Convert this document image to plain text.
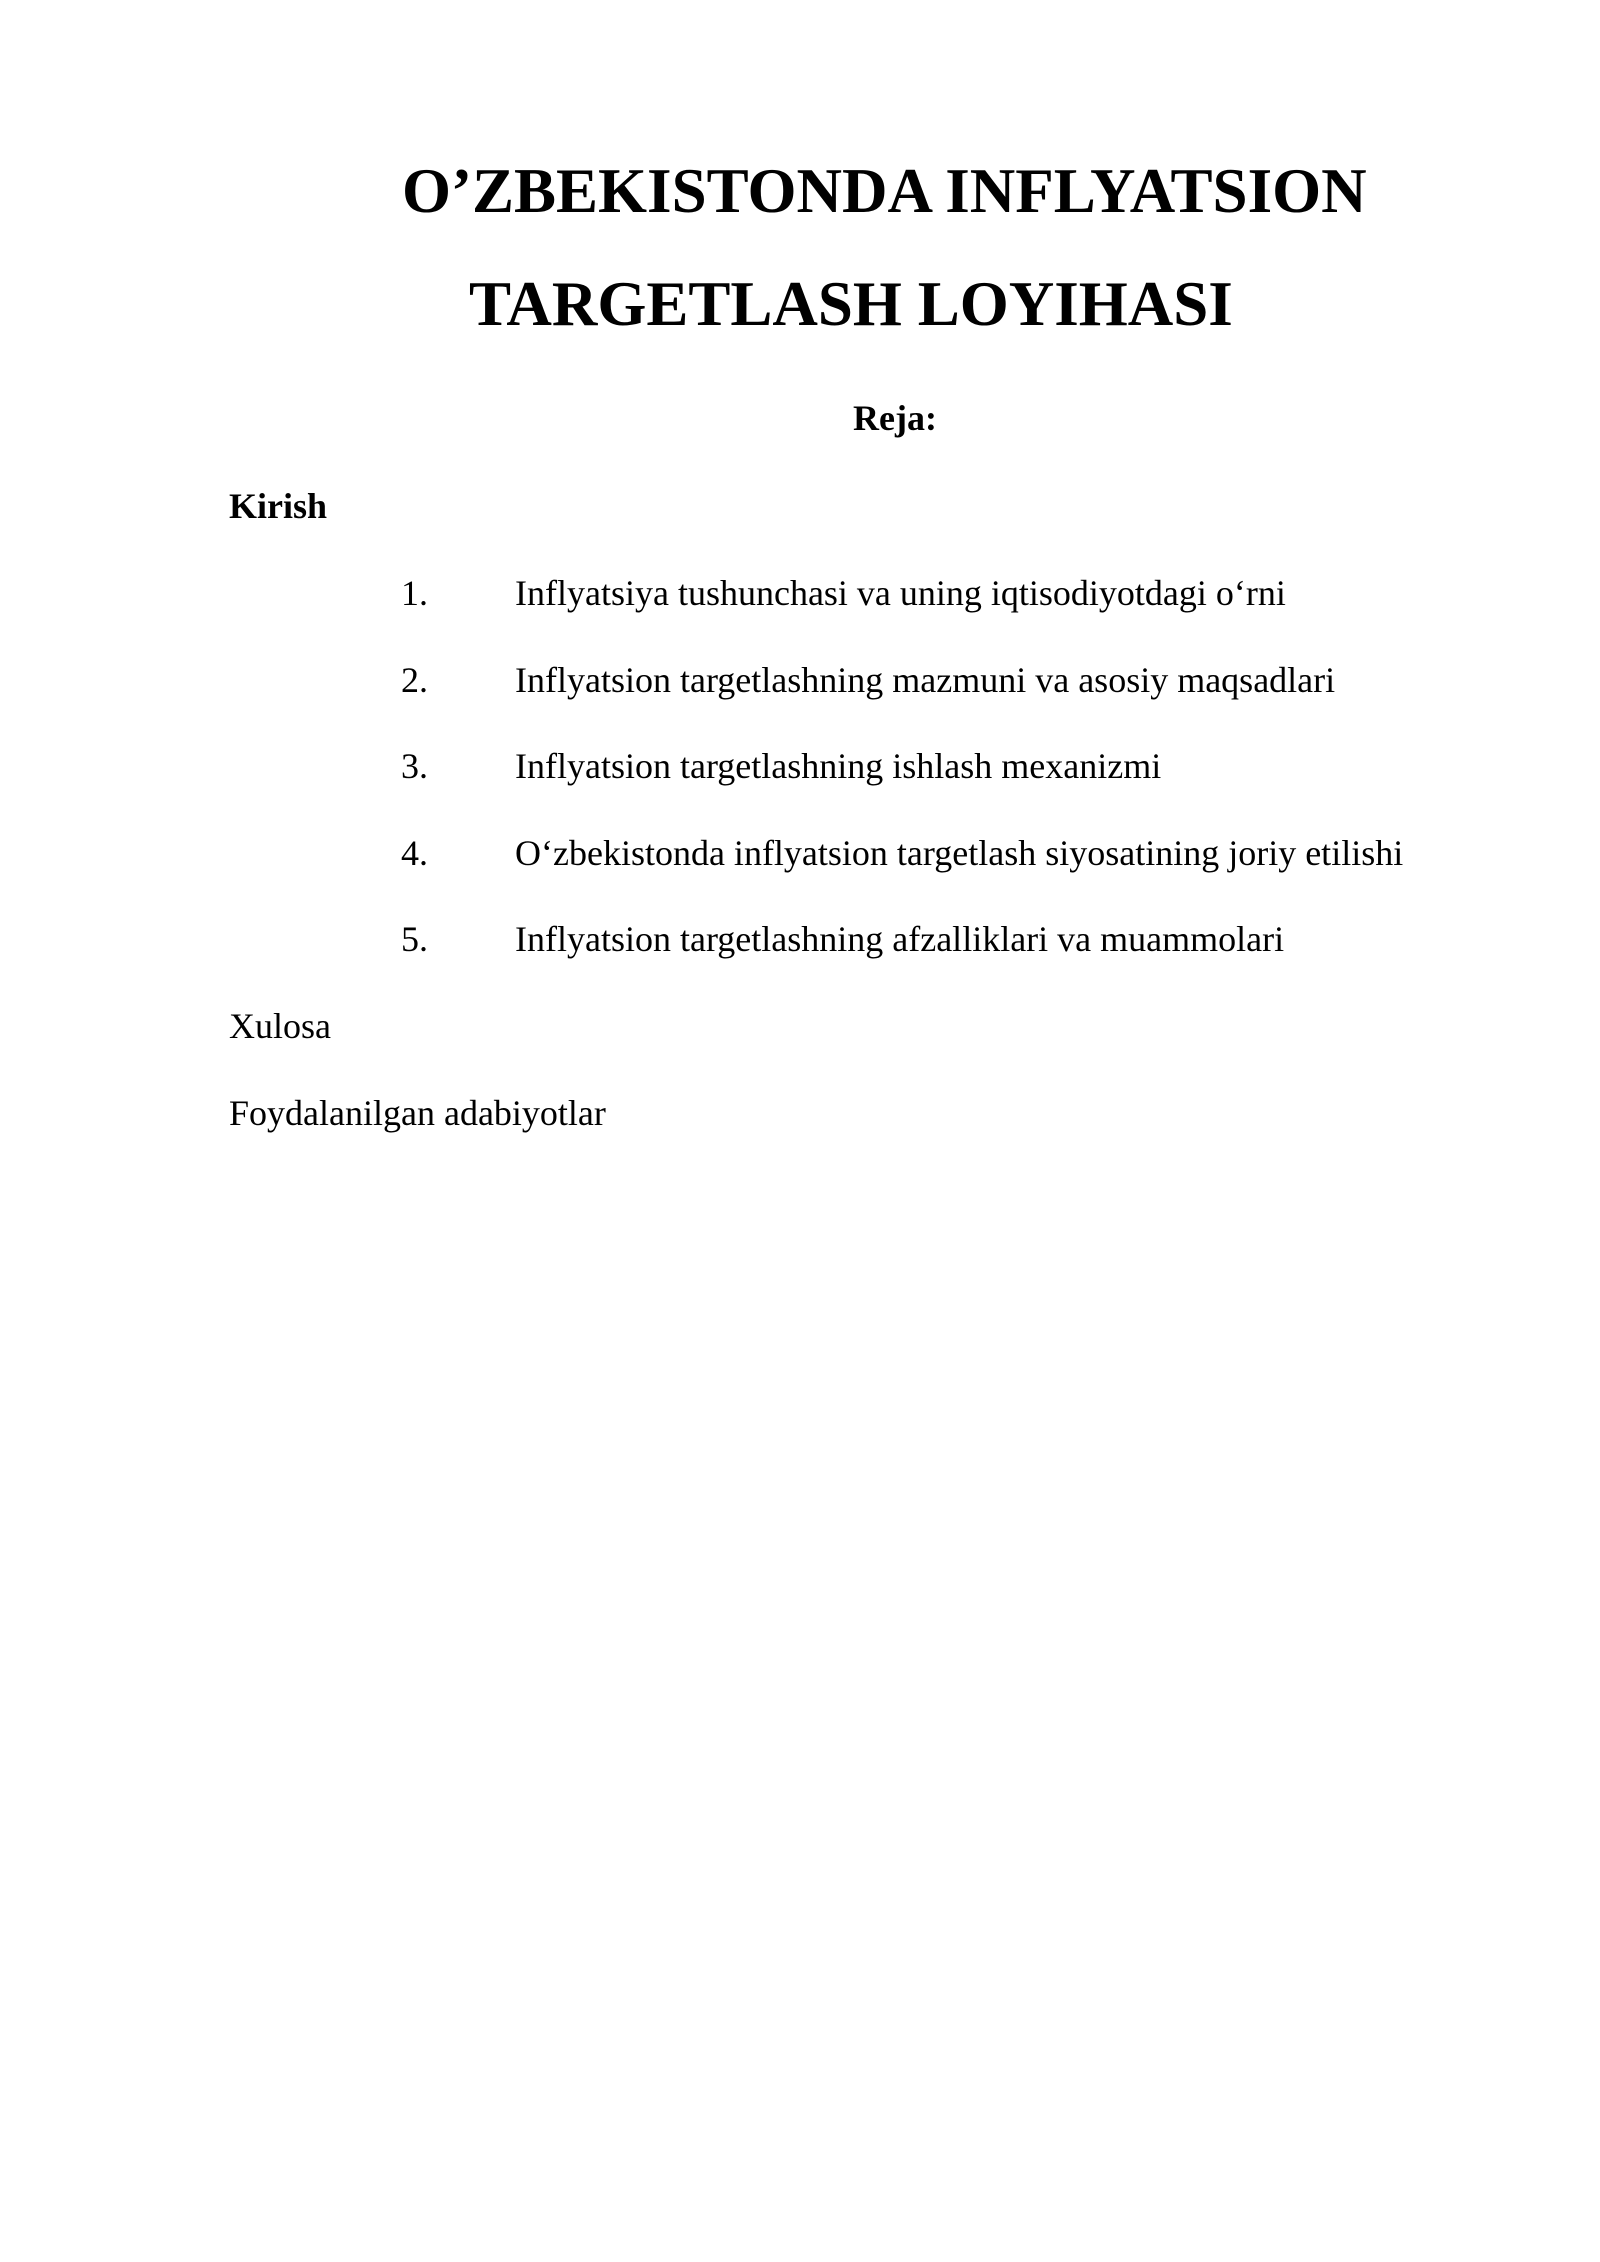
O’ZBEKISTONDA INFLYATSION
TARGETLASH LOYIHASI
Reja:
Kirish
1. Inflyatsiya tushunchasi va uning iqtisodiyotdagi o‘rni
2. Inflyatsion targetlashning mazmuni va asosiy maqsadlari
3. Inflyatsion targetlashning ishlash mexanizmi
4. O‘zbekistonda inflyatsion targetlash siyosatining joriy etilishi
5. Inflyatsion targetlashning afzalliklari va muammolari
Xulosa
Foydalanilgan adabiyotlar
